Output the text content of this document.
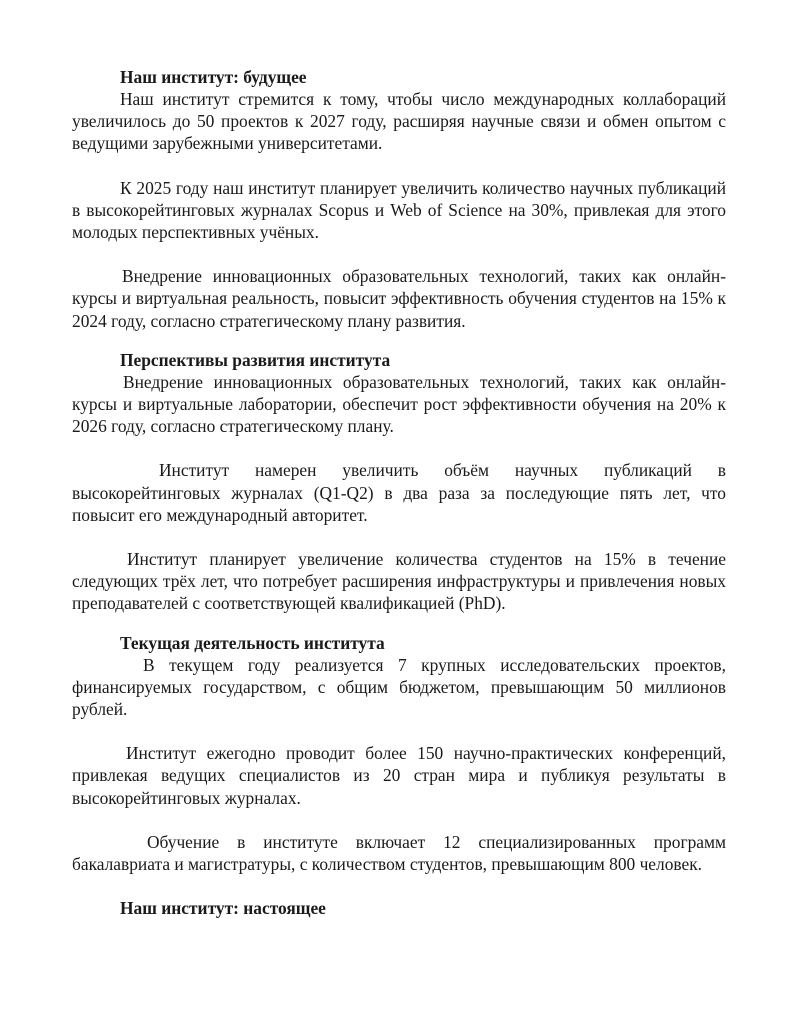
Наш институт: будущее

Наш институт стремится к тому, чтобы число международных коллабораций увеличилось до 50 проектов к 2027 году, расширяя научные связи и обмен опытом с ведущими зарубежными университетами.

К 2025 году наш институт планирует увеличить количество научных публикаций в высокорейтинговых журналах Scopus и Web of Science на 30%, привлекая для этого молодых перспективных учёных.

Внедрение инновационных образовательных технологий, таких как онлайн-курсы и виртуальная реальность, повысит эффективность обучения студентов на 15% к 2024 году, согласно стратегическому плану развития.

Перспективы развития института

Внедрение инновационных образовательных технологий, таких как онлайн-курсы и виртуальные лаборатории, обеспечит рост эффективности обучения на 20% к 2026 году, согласно стратегическому плану.

Институт намерен увеличить объём научных публикаций в высокорейтинговых журналах (Q1-Q2) в два раза за последующие пять лет, что повысит его международный авторитет.

Институт планирует увеличение количества студентов на 15% в течение следующих трёх лет, что потребует расширения инфраструктуры и привлечения новых преподавателей с соответствующей квалификацией (PhD).

Текущая деятельность института

В текущем году реализуется 7 крупных исследовательских проектов, финансируемых государством, с общим бюджетом, превышающим 50 миллионов рублей.

Институт ежегодно проводит более 150 научно-практических конференций, привлекая ведущих специалистов из 20 стран мира и публикуя результаты в высокорейтинговых журналах.

Обучение в институте включает 12 специализированных программ бакалавриата и магистратуры, с количеством студентов, превышающим 800 человек.

Наш институт: настоящее
